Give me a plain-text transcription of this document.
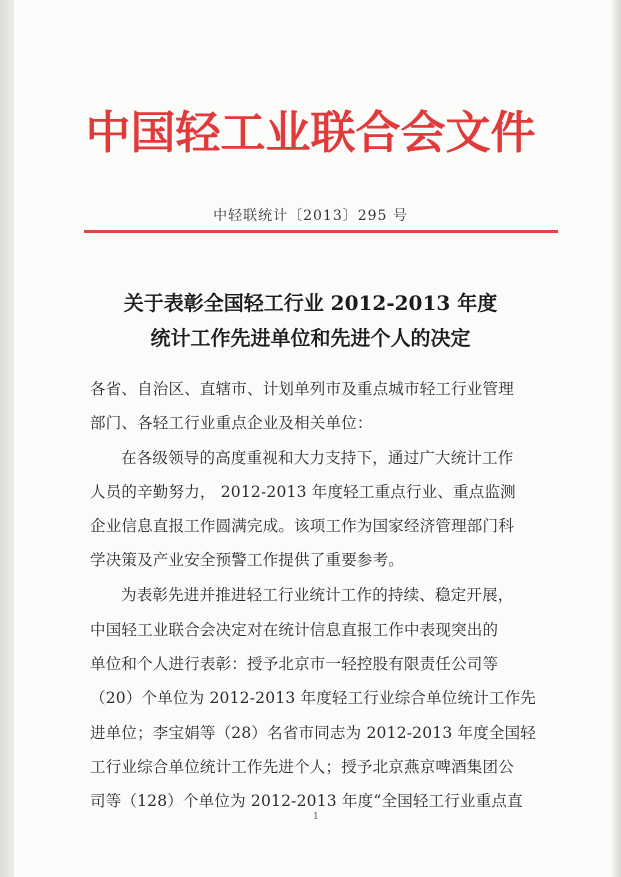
中国轻工业联合会文件
中轻联统计〔2013〕295 号
关于表彰全国轻工行业 2012-2013 年度
统计工作先进单位和先进个人的决定
各省、自治区、直辖市、计划单列市及重点城市轻工行业管理
部门、各轻工行业重点企业及相关单位：
在各级领导的高度重视和大力支持下，通过广大统计工作
人员的辛勤努力， 2012-2013 年度轻工重点行业、重点监测
企业信息直报工作圆满完成。该项工作为国家经济管理部门科
学决策及产业安全预警工作提供了重要参考。
为表彰先进并推进轻工行业统计工作的持续、稳定开展，
中国轻工业联合会决定对在统计信息直报工作中表现突出的
单位和个人进行表彰：授予北京市一轻控股有限责任公司等
（20）个单位为 2012-2013 年度轻工行业综合单位统计工作先
进单位；李宝娟等（28）名省市同志为 2012-2013 年度全国轻
工行业综合单位统计工作先进个人；授予北京燕京啤酒集团公
司等（128）个单位为 2012-2013 年度“全国轻工行业重点直
1
